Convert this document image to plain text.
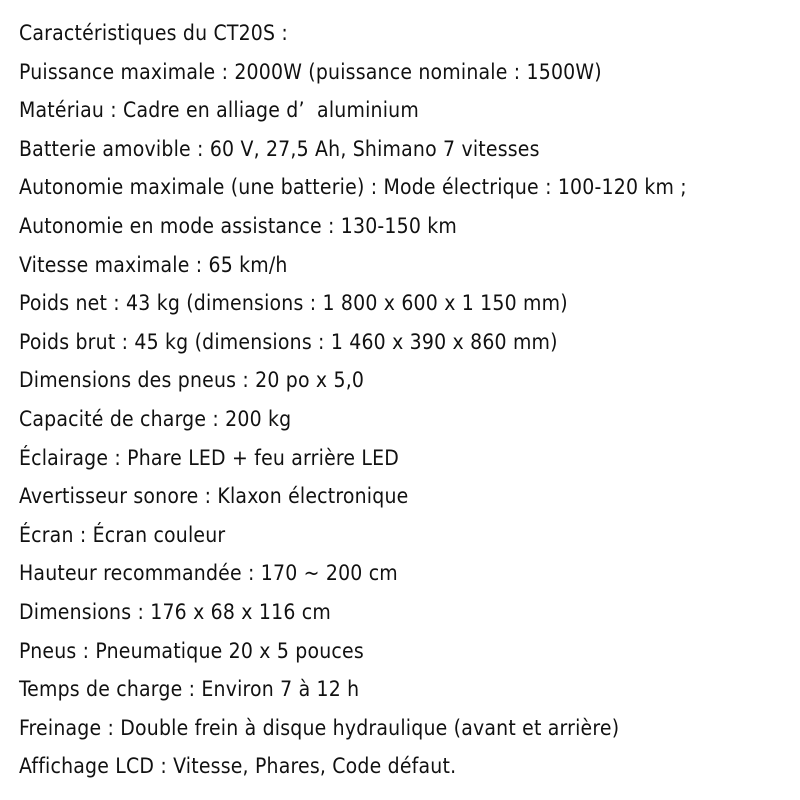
Caractéristiques du CT20S :
Puissance maximale : 2000W (puissance nominale : 1500W)
Matériau : Cadre en alliage d’  aluminium
Batterie amovible : 60 V, 27,5 Ah, Shimano 7 vitesses
Autonomie maximale (une batterie) : Mode électrique : 100-120 km ;
Autonomie en mode assistance : 130-150 km
Vitesse maximale : 65 km/h
Poids net : 43 kg (dimensions : 1 800 x 600 x 1 150 mm)
Poids brut : 45 kg (dimensions : 1 460 x 390 x 860 mm)
Dimensions des pneus : 20 po x 5,0
Capacité de charge : 200 kg
Éclairage : Phare LED + feu arrière LED
Avertisseur sonore : Klaxon électronique
Écran : Écran couleur
Hauteur recommandée : 170 ~ 200 cm
Dimensions : 176 x 68 x 116 cm
Pneus : Pneumatique 20 x 5 pouces
Temps de charge : Environ 7 à 12 h
Freinage : Double frein à disque hydraulique (avant et arrière)
Affichage LCD : Vitesse, Phares, Code défaut.
